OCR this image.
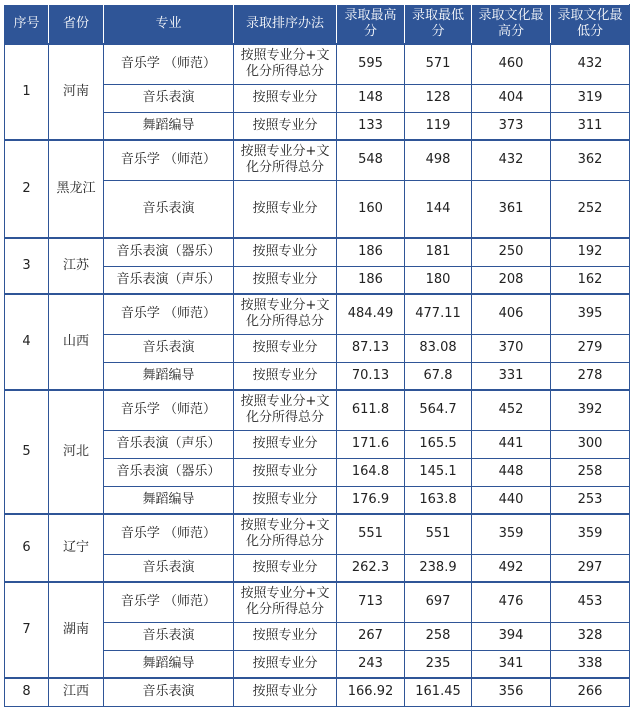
序号	省份	专业	录取排序办法	录取最高分	录取最低分	录取文化最高分	录取文化最低分
1	河南	音乐学 （师范）	按照专业分+文化分所得总分	595	571	460	432
		音乐表演	按照专业分	148	128	404	319
		舞蹈编导	按照专业分	133	119	373	311
2	黑龙江	音乐学 （师范）	按照专业分+文化分所得总分	548	498	432	362
		音乐表演	按照专业分	160	144	361	252
3	江苏	音乐表演（器乐）	按照专业分	186	181	250	192
		音乐表演（声乐）	按照专业分	186	180	208	162
4	山西	音乐学 （师范）	按照专业分+文化分所得总分	484.49	477.11	406	395
		音乐表演	按照专业分	87.13	83.08	370	279
		舞蹈编导	按照专业分	70.13	67.8	331	278
5	河北	音乐学 （师范）	按照专业分+文化分所得总分	611.8	564.7	452	392
		音乐表演（声乐）	按照专业分	171.6	165.5	441	300
		音乐表演（器乐）	按照专业分	164.8	145.1	448	258
		舞蹈编导	按照专业分	176.9	163.8	440	253
6	辽宁	音乐学 （师范）	按照专业分+文化分所得总分	551	551	359	359
		音乐表演	按照专业分	262.3	238.9	492	297
7	湖南	音乐学 （师范）	按照专业分+文化分所得总分	713	697	476	453
		音乐表演	按照专业分	267	258	394	328
		舞蹈编导	按照专业分	243	235	341	338
8	江西	音乐表演	按照专业分	166.92	161.45	356	266
